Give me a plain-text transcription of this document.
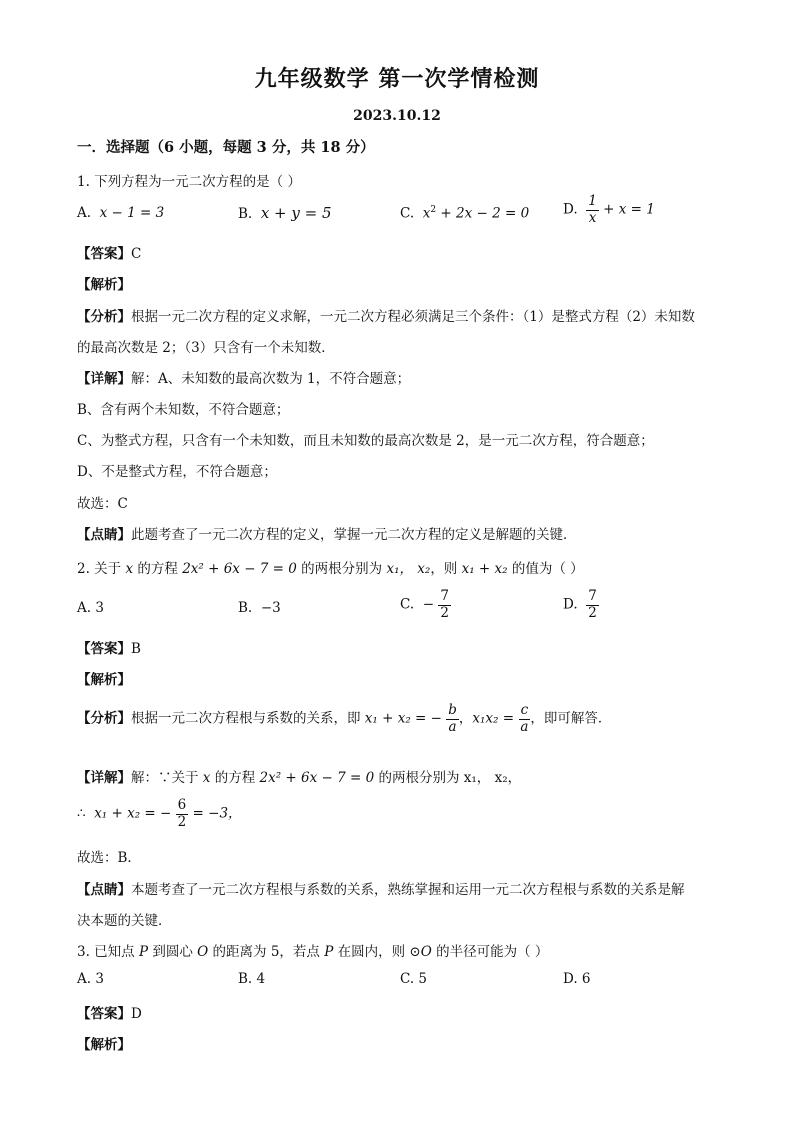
九年级数学 第一次学情检测
2023.10.12
一．选择题（6 小题，每题 3 分，共 18 分）
1. 下列方程为一元二次方程的是（ ）
A. x − 1 = 3	B. x + y = 5	C. $x^2 + 2x - 2 = 0$	D. $\frac{1}{x} + x = 1$
【答案】C
【解析】
【分析】根据一元二次方程的定义求解，一元二次方程必须满足三个条件：（1）是整式方程（2）未知数
的最高次数是 2；（3）只含有一个未知数．
【详解】解：A、未知数的最高次数为 1，不符合题意；
B、含有两个未知数，不符合题意；
C、为整式方程，只含有一个未知数，而且未知数的最高次数是 2，是一元二次方程，符合题意；
D、不是整式方程，不符合题意；
故选：C
【点睛】此题考查了一元二次方程的定义，掌握一元二次方程的定义是解题的关键．
2. 关于 x 的方程 2x² + 6x − 7 = 0 的两根分别为 x₁， x₂，则 x₁ + x₂ 的值为（ ）
A. 3	B. −3	C. − $\frac{7}{2}$	D. $\frac{7}{2}$
【答案】B
【解析】
【分析】根据一元二次方程根与系数的关系，即 x₁ + x₂ = − $\frac{b}{a}$ ，$x_1x_2 = \frac{c}{a}$ ，即可解答．
【详解】解：∵关于 x 的方程 2x² + 6x − 7 = 0 的两根分别为 x₁， x₂，
∴ x₁ + x₂ = − $\frac{6}{2} = -3$，
故选：B．
【点睛】本题考查了一元二次方程根与系数的关系，熟练掌握和运用一元二次方程根与系数的关系是解
决本题的关键．
3. 已知点 P 到圆心 O 的距离为 5，若点 P 在圆内，则 ⊙O 的半径可能为（ ）
A. 3	B. 4	C. 5	D. 6
【答案】D
【解析】
